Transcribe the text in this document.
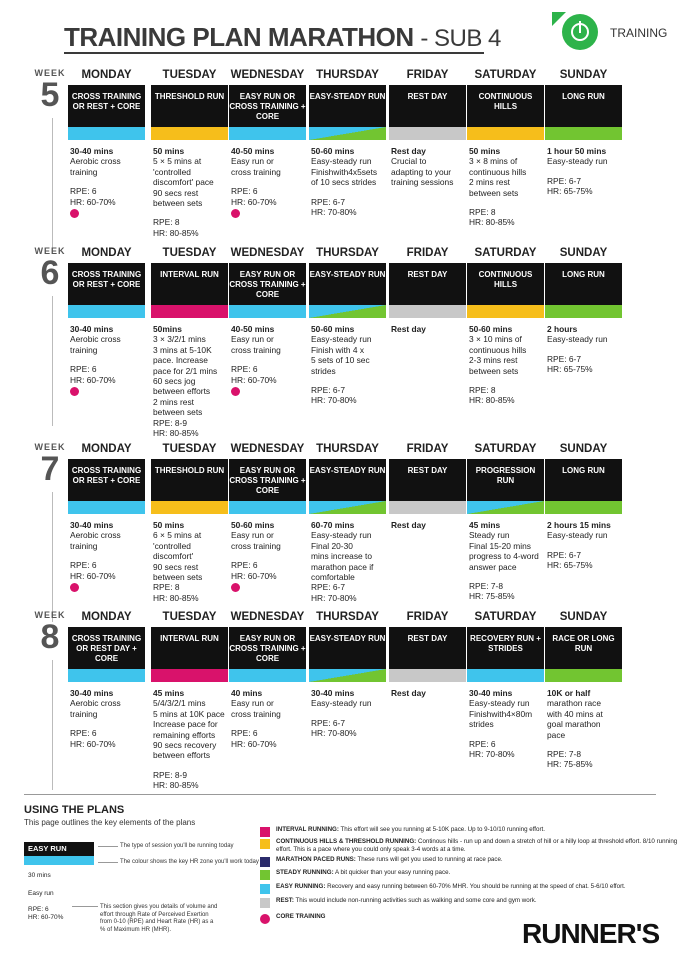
TRAINING PLAN MARATHON - SUB 4	TRAINING
WEEK
5
MONDAY
CROSS TRAINING OR REST + CORE
30-40 mins
Aerobic cross
training
RPE: 6
HR: 60-70%
TUESDAY
THRESHOLD RUN
50 mins
5 × 5 mins at
'controlled
discomfort' pace
90 secs rest
between sets
RPE: 8
HR: 80-85%
WEDNESDAY
EASY RUN OR CROSS TRAINING + CORE
40-50 mins
Easy run or
cross training
RPE: 6
HR: 60-70%
THURSDAY
EASY-STEADY RUN
50-60 mins
Easy-steady run
Finishwith4x5sets
of 10 secs strides
RPE: 6-7
HR: 70-80%
FRIDAY
REST DAY
Rest day
Crucial to
adapting to your
training sessions
SATURDAY
CONTINUOUS HILLS
50 mins
3 × 8 mins of
continuous hills
2 mins rest
between sets
RPE: 8
HR: 80-85%
SUNDAY
LONG RUN
1 hour 50 mins
Easy-steady run
RPE: 6-7
HR: 65-75%
WEEK
6
MONDAY
CROSS TRAINING OR REST + CORE
30-40 mins
Aerobic cross
training
RPE: 6
HR: 60-70%
TUESDAY
INTERVAL RUN
50mins
3 × 3/2/1 mins
3 mins at 5-10K
pace. Increase
pace for 2/1 mins
60 secs jog
between efforts
2 mins rest
between sets
RPE: 8-9
HR: 80-85%
WEDNESDAY
EASY RUN OR CROSS TRAINING + CORE
40-50 mins
Easy run or
cross training
RPE: 6
HR: 60-70%
THURSDAY
EASY-STEADY RUN
50-60 mins
Easy-steady run
Finish with 4 x
5 sets of 10 sec
strides
RPE: 6-7
HR: 70-80%
FRIDAY
REST DAY
Rest day
SATURDAY
CONTINUOUS HILLS
50-60 mins
3 × 10 mins of
continuous hills
2-3 mins rest
between sets
RPE: 8
HR: 80-85%
SUNDAY
LONG RUN
2 hours
Easy-steady run
RPE: 6-7
HR: 65-75%
WEEK
7
MONDAY
CROSS TRAINING OR REST + CORE
30-40 mins
Aerobic cross
training
RPE: 6
HR: 60-70%
TUESDAY
THRESHOLD RUN
50 mins
6 × 5 mins at
'controlled
discomfort'
90 secs rest
between sets
RPE: 8
HR: 80-85%
WEDNESDAY
EASY RUN OR CROSS TRAINING + CORE
50-60 mins
Easy run or
cross training
RPE: 6
HR: 60-70%
THURSDAY
EASY-STEADY RUN
60-70 mins
Easy-steady run
Final 20-30
mins increase to
marathon pace if
comfortable
RPE: 6-7
HR: 70-80%
FRIDAY
REST DAY
Rest day
SATURDAY
PROGRESSION RUN
45 mins
Steady run
Final 15-20 mins
progress to 4-word
answer pace
RPE: 7-8
HR: 75-85%
SUNDAY
LONG RUN
2 hours 15 mins
Easy-steady run
RPE: 6-7
HR: 65-75%
WEEK
8
MONDAY
CROSS TRAINING OR REST DAY + CORE
30-40 mins
Aerobic cross
training
RPE: 6
HR: 60-70%
TUESDAY
INTERVAL RUN
45 mins
5/4/3/2/1 mins
5 mins at 10K pace
Increase pace for
remaining efforts
90 secs recovery
between efforts
RPE: 8-9
HR: 80-85%
WEDNESDAY
EASY RUN OR CROSS TRAINING + CORE
40 mins
Easy run or
cross training
RPE: 6
HR: 60-70%
THURSDAY
EASY-STEADY RUN
30-40 mins
Easy-steady run
RPE: 6-7
HR: 70-80%
FRIDAY
REST DAY
Rest day
SATURDAY
RECOVERY RUN + STRIDES
30-40 mins
Easy-steady run
Finishwith4×80m
strides
RPE: 6
HR: 70-80%
SUNDAY
RACE OR LONG RUN
10K or half
marathon race
with 40 mins at
goal marathon
pace
RPE: 7-8
HR: 75-85%
USING THE PLANS
This page outlines the key elements of the plans
EASY RUN
30 mins
Easy run
RPE: 6
HR: 60-70%
The type of session you'll be running today
The colour shows the key HR zone you'll work today
This section gives you details of volume and effort through Rate of Perceived Exertion from 0-10 (RPE) and Heart Rate (HR) as a % of Maximum HR (MHR).
INTERVAL RUNNING: This effort will see you running at 5-10K pace. Up to 9-10/10 running effort.
CONTINUOUS HILLS & THRESHOLD RUNNING: Continous hills - run up and down a stretch of hill or a hilly loop at threshold effort. 8/10 running effort. This is a pace where you could only speak 3-4 words at a time.
MARATHON PACED RUNS: These runs will get you used to running at race pace.
STEADY RUNNING: A bit quicker than your easy running pace.
EASY RUNNING: Recovery and easy running between 60-70% MHR. You should be running at the speed of chat. 5-6/10 effort.
REST: This would include non-running activities such as walking and some core and gym work.
CORE TRAINING
RUNNER'S
